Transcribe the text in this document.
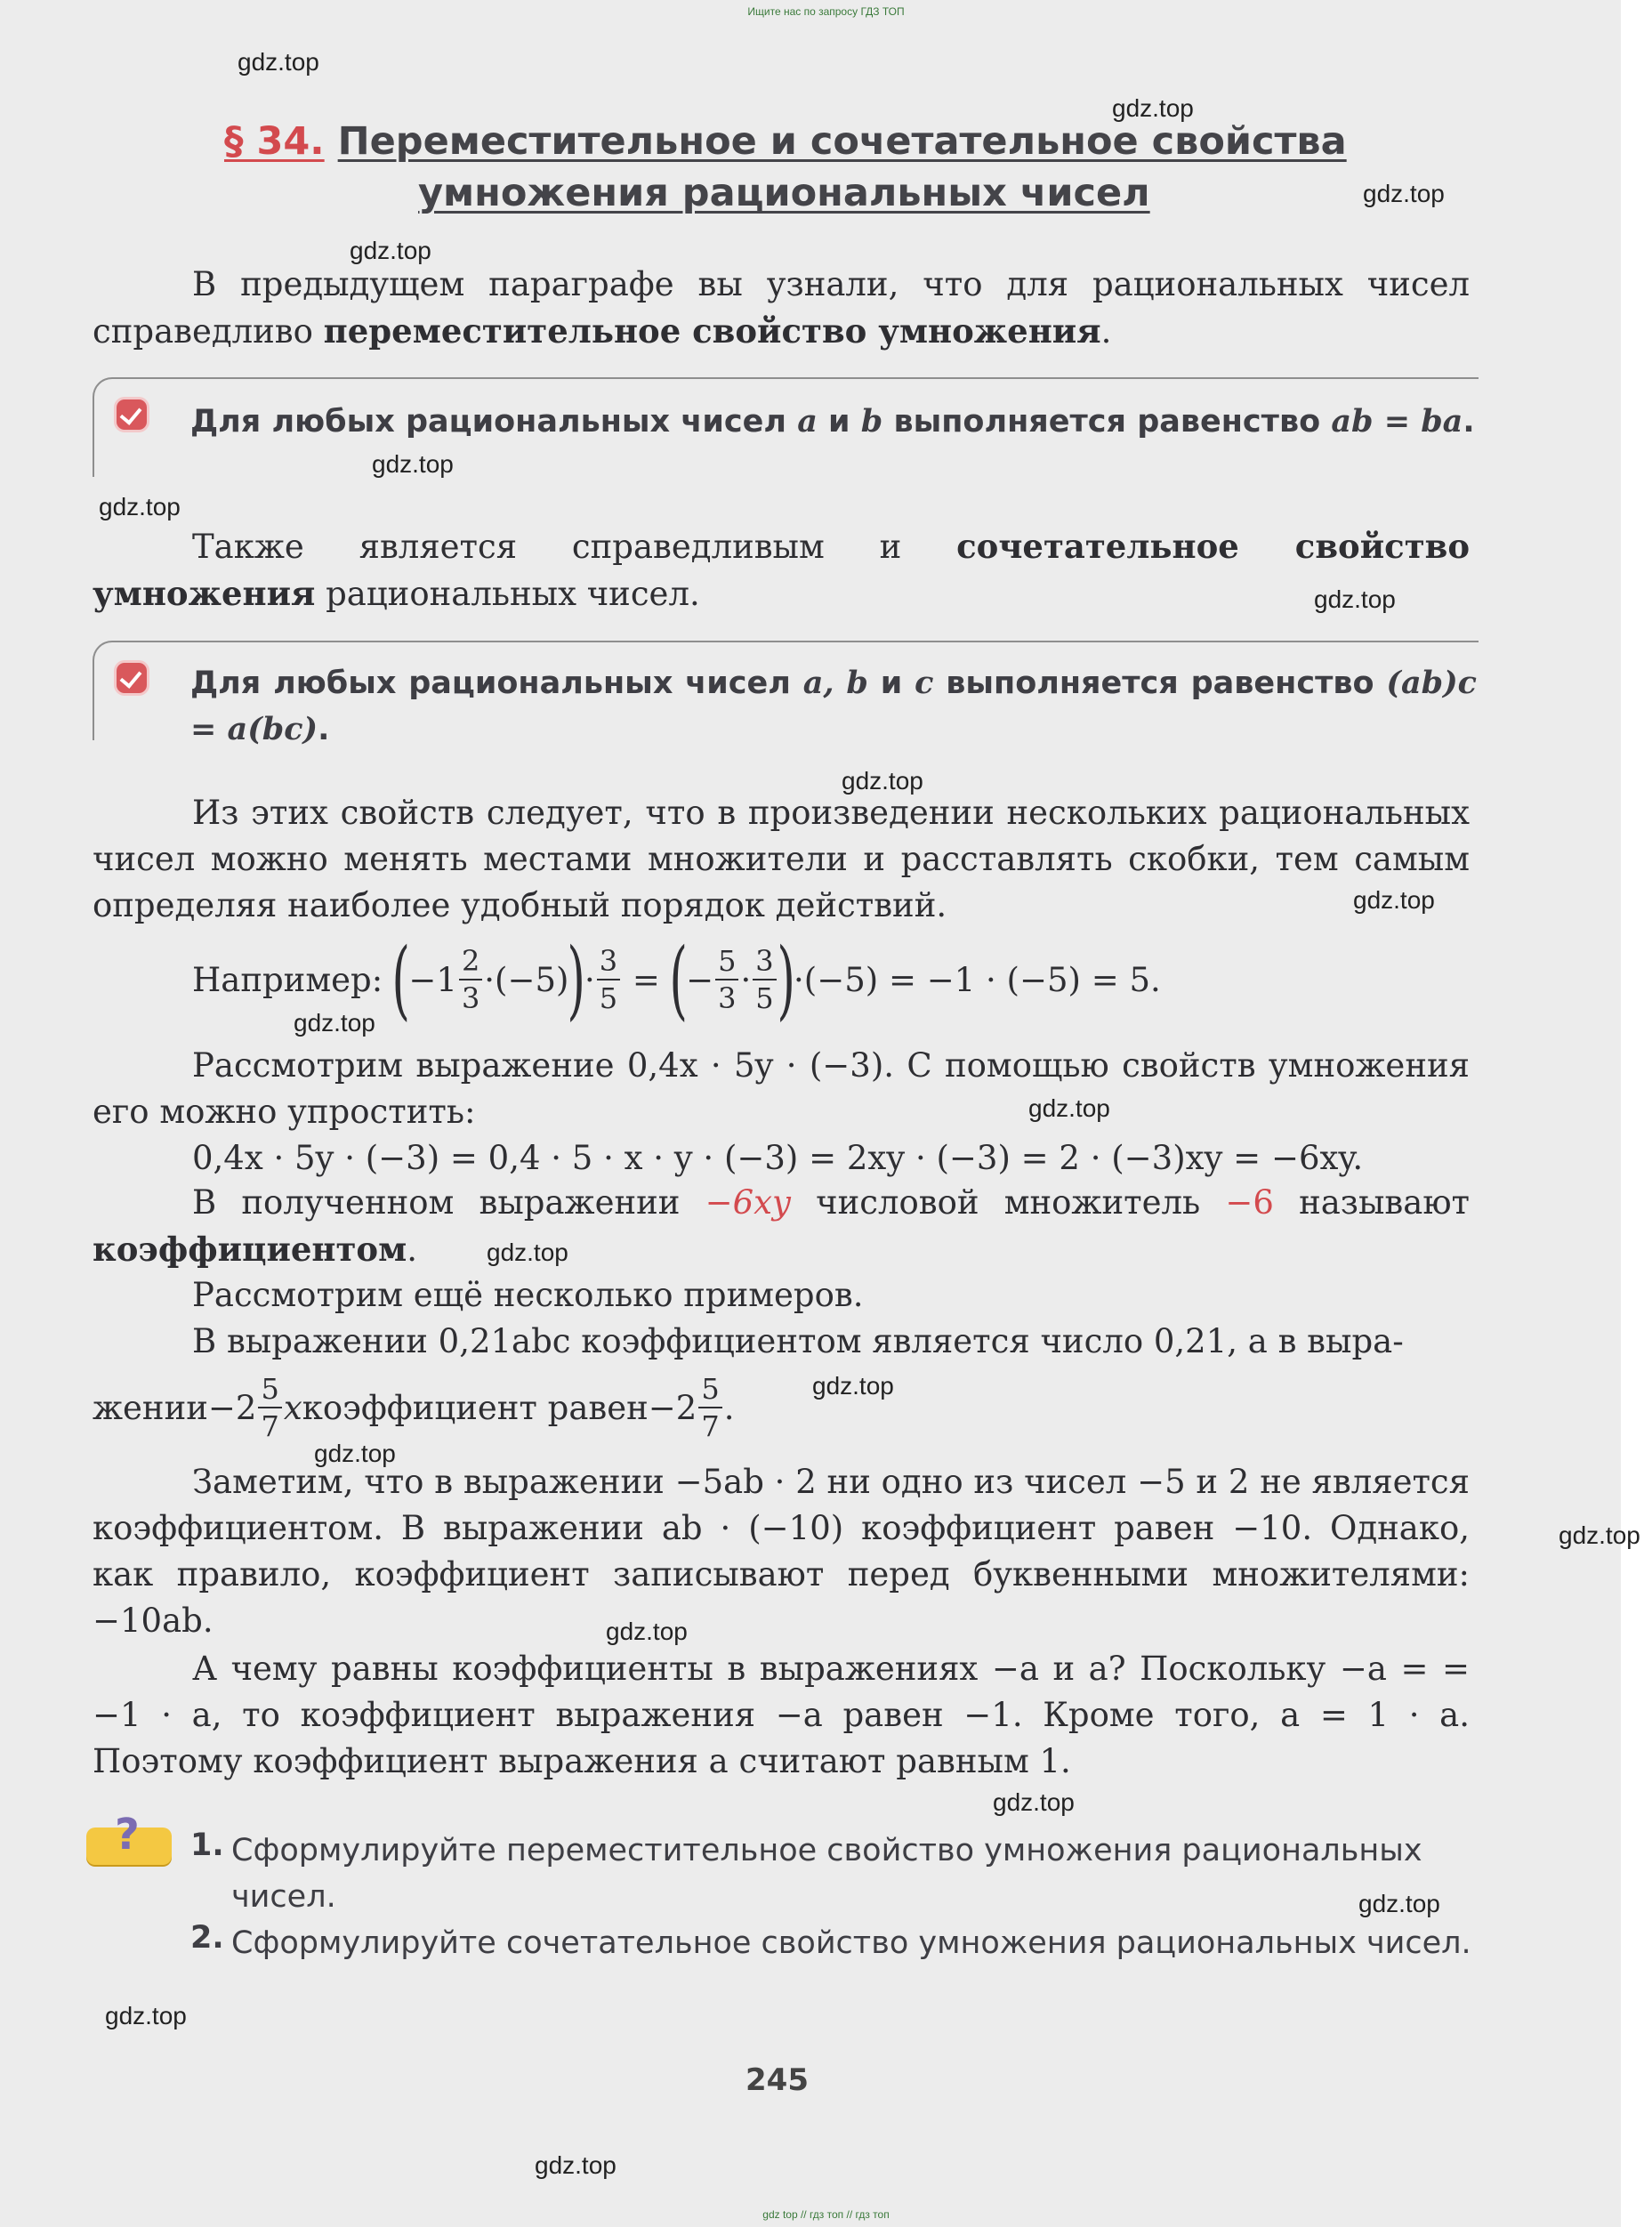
Ищите нас по запросу ГДЗ ТОП
gdz top // гдз топ // гдз топ
gdz.top
gdz.top
gdz.top
gdz.top
gdz.top
gdz.top
gdz.top
gdz.top
gdz.top
gdz.top
gdz.top
gdz.top
gdz.top
gdz.top
gdz.top
gdz.top
gdz.top
gdz.top
gdz.top
gdz.top
§ 34. Переместительное и сочетательное свойства
умножения рациональных чисел
В предыдущем параграфе вы узнали, что для рациональных чисел справедливо переместительное свойство умножения.
Для любых рациональных чисел a и b выполняется равенство ab = ba.
Также является справедливым и сочетательное свойство умножения рациональных чисел.
Для любых рациональных чисел a, b и c выполняется равенство (ab)c = a(bc).
Из этих свойств следует, что в произведении нескольких рациональных чисел можно менять местами множители и расставлять скобки, тем самым определяя наиболее удобный порядок действий.
Например:
(
$-1 \frac{2}{3} \cdot(-5)$
)
· $\frac{3}{5}$
=
(
− $\frac{5}{3} \cdot \frac{3}{5}$ )
·(−5) = −1 · (−5) = 5.
Рассмотрим выражение 0,4x · 5y · (−3). С помощью свойств умножения его можно упростить:
0,4x · 5y · (−3) = 0,4 · 5 · x · y · (−3) = 2xy · (−3) = 2 · (−3)xy = −6xy.
В полученном выражении −6xy числовой множитель −6 называют коэффициентом.
Рассмотрим ещё несколько примеров.
В выражении 0,21abc коэффициентом является число 0,21, а в выра-
жении $-2 \frac{5}{7}$ x коэффициент равен $-2 \frac{5}{7}$ .
Заметим, что в выражении −5ab · 2 ни одно из чисел −5 и 2 не является коэффициентом. В выражении ab · (−10) коэффициент равен −10. Однако, как правило, коэффициент записывают перед буквенными множителями: −10ab.
А чему равны коэффициенты в выражениях −a и a? Поскольку −a = = −1 · a, то коэффициент выражения −a равен −1. Кроме того, a = 1 · a. Поэтому коэффициент выражения a считают равным 1.
? 1. Сформулируйте переместительное свойство умножения рациональных чисел.
2. Сформулируйте сочетательное свойство умножения рациональных чисел.
245
